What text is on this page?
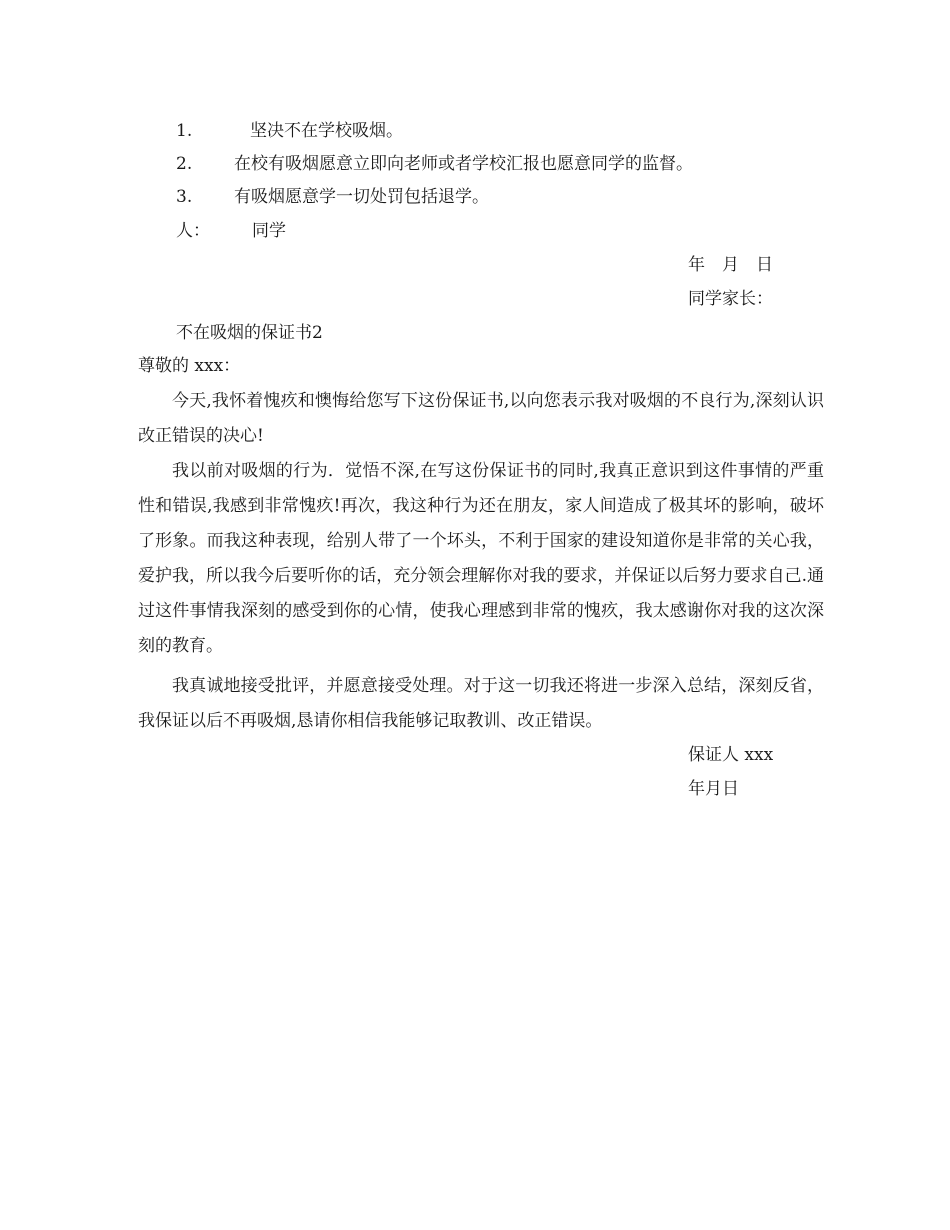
1.	坚决不在学校吸烟。
2. 在校有吸烟愿意立即向老师或者学校汇报也愿意同学的监督。
3. 有吸烟愿意学一切处罚包括退学。
人： 同学
年　月　日
同学家长：
不在吸烟的保证书2
尊敬的 xxx：
今天,我怀着愧疚和懊悔给您写下这份保证书,以向您表示我对吸烟的不良行为,深刻认识改正错误的决心!
我以前对吸烟的行为．觉悟不深,在写这份保证书的同时,我真正意识到这件事情的严重性和错误,我感到非常愧疚!再次，我这种行为还在朋友，家人间造成了极其坏的影响，破坏了形象。而我这种表现，给别人带了一个坏头，不利于国家的建设知道你是非常的关心我，爱护我，所以我今后要听你的话，充分领会理解你对我的要求，并保证以后努力要求自己.通过这件事情我深刻的感受到你的心情，使我心理感到非常的愧疚，我太感谢你对我的这次深刻的教育。
我真诚地接受批评，并愿意接受处理。对于这一切我还将进一步深入总结，深刻反省，我保证以后不再吸烟,恳请你相信我能够记取教训、改正错误。
保证人 xxx
年月日
